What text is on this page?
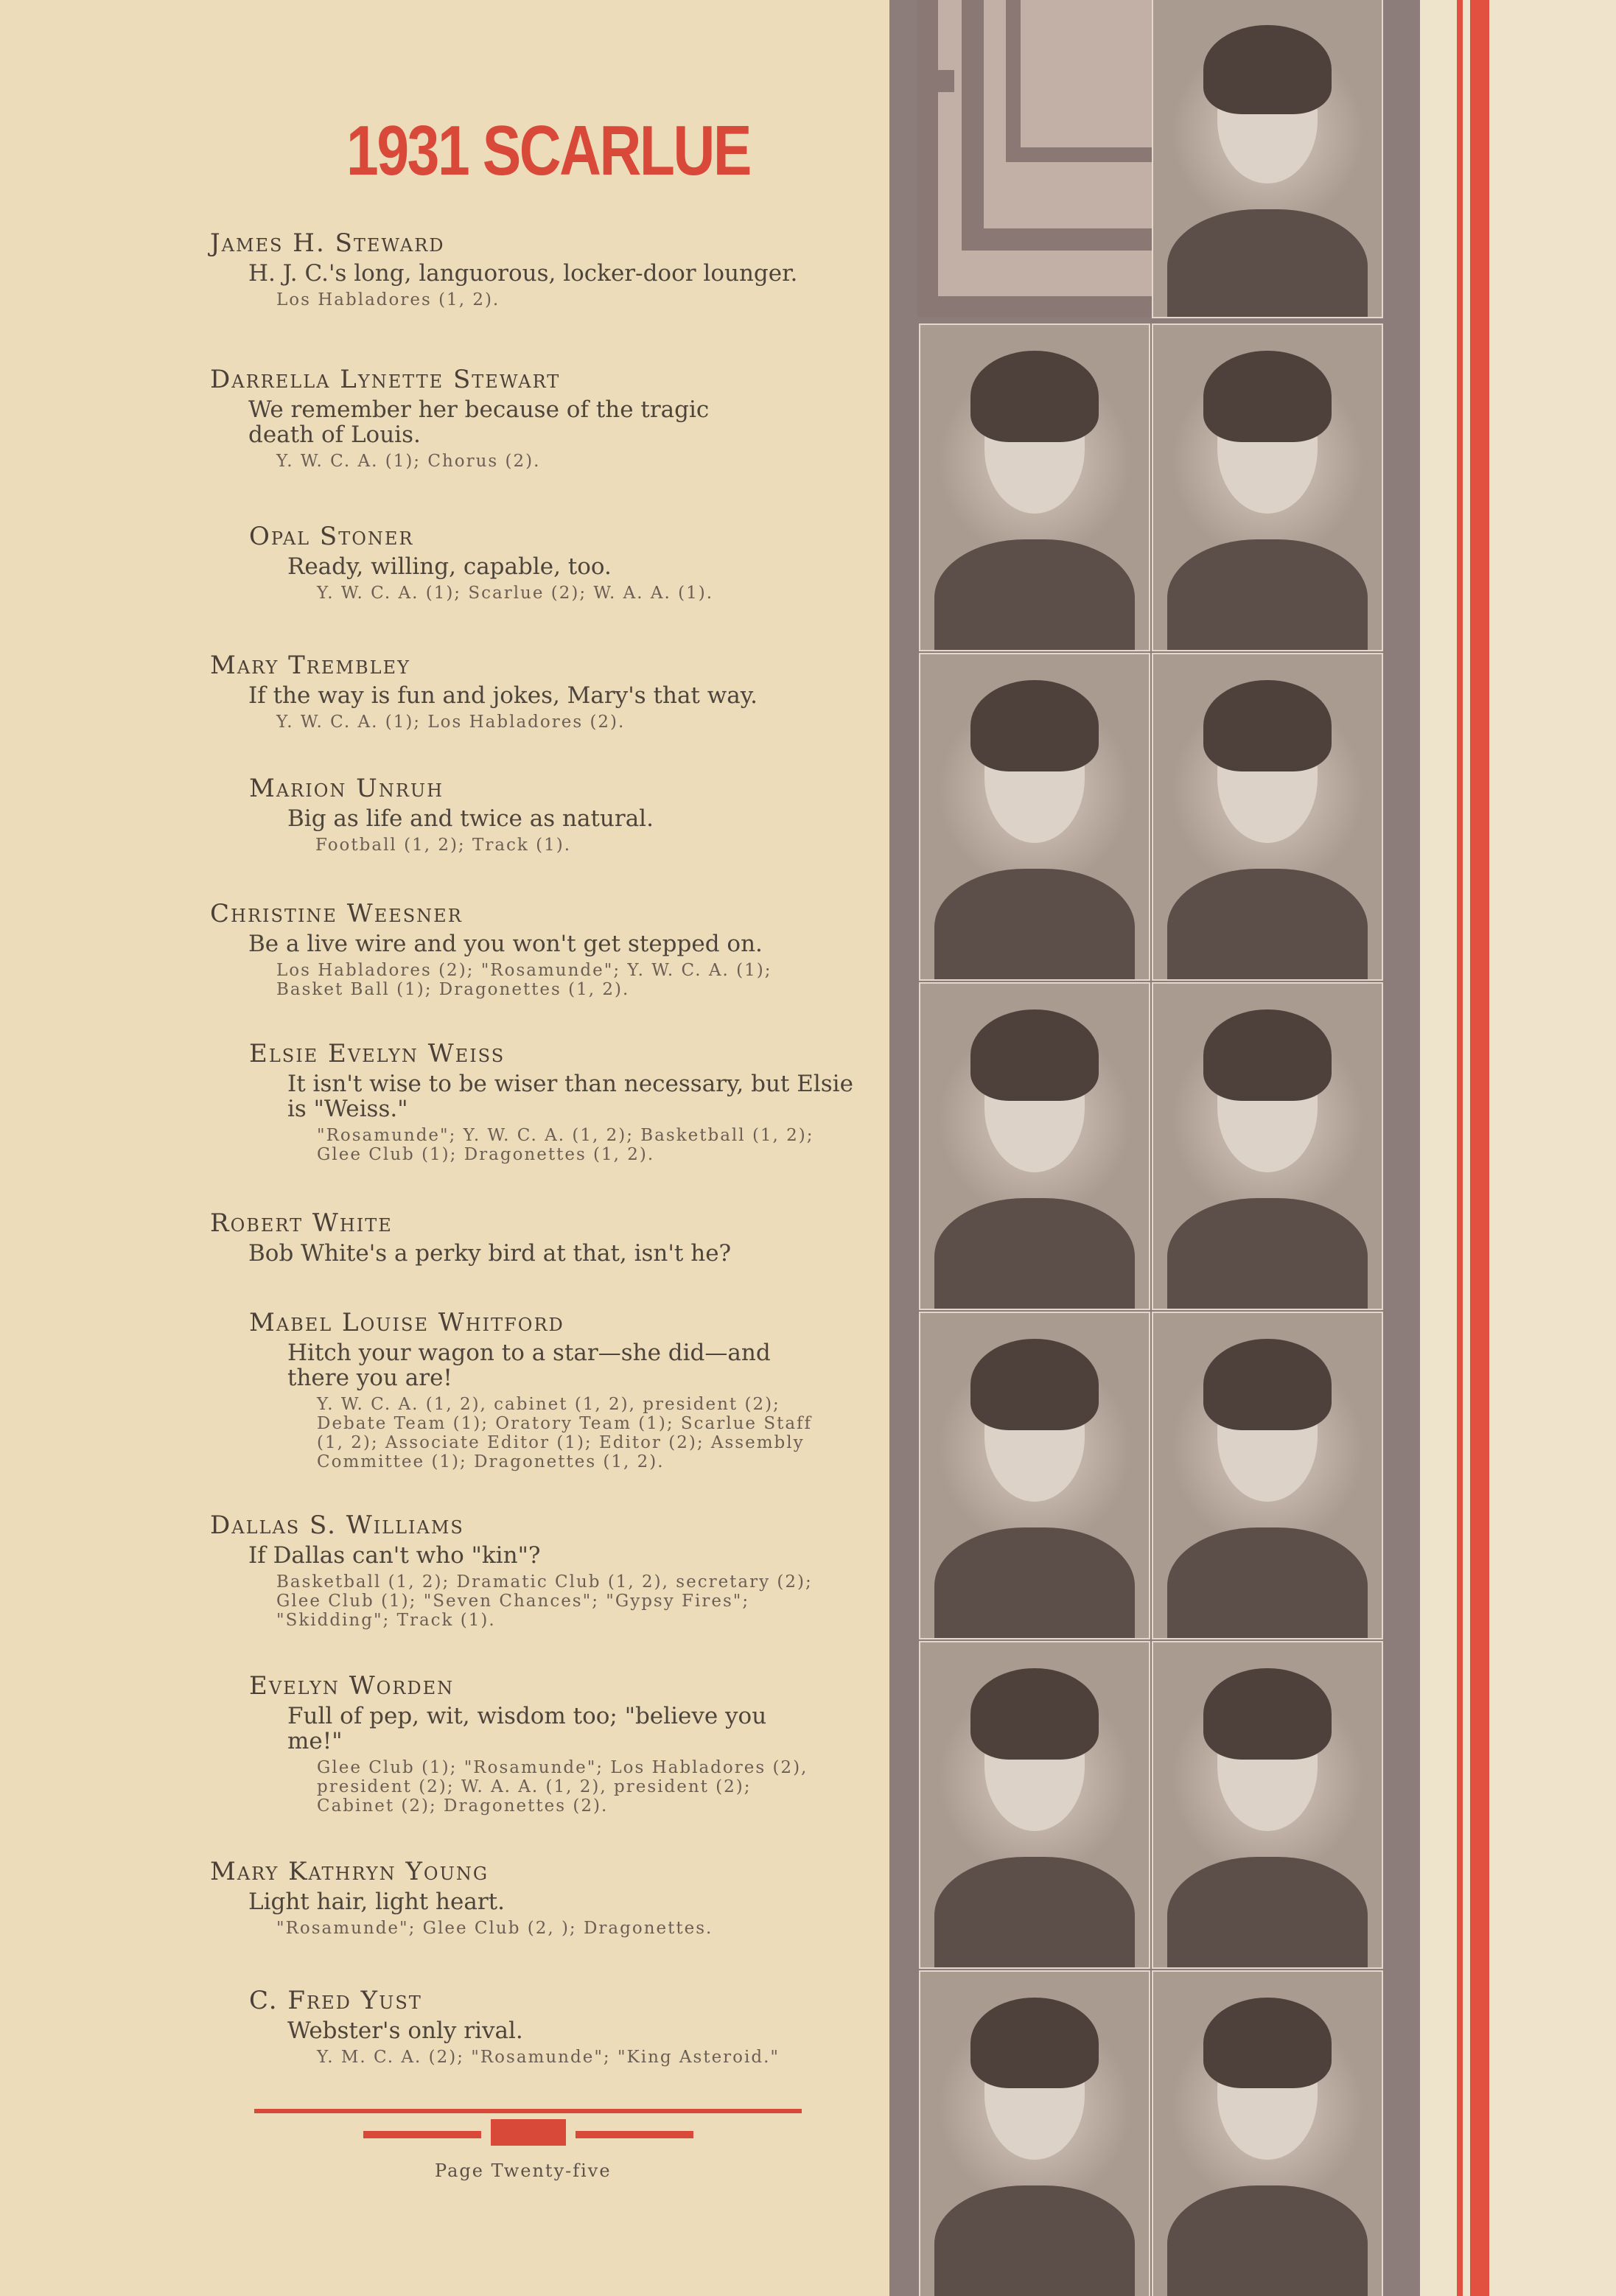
1931 SCARLUE
James H. Steward
H. J. C.'s long, languorous, locker-door lounger.
Los Habladores (1, 2).
Darrella Lynette Stewart
We remember her because of the tragic death of Louis.
Y. W. C. A. (1); Chorus (2).
Opal Stoner
Ready, willing, capable, too.
Y. W. C. A. (1); Scarlue (2); W. A. A. (1).
Mary Trembley
If the way is fun and jokes, Mary's that way.
Y. W. C. A. (1); Los Habladores (2).
Marion Unruh
Big as life and twice as natural.
Football (1, 2); Track (1).
Christine Weesner
Be a live wire and you won't get stepped on.
Los Habladores (2); "Rosamunde"; Y. W. C. A. (1); Basket Ball (1); Dragonettes (1, 2).
Elsie Evelyn Weiss
It isn't wise to be wiser than necessary, but Elsie is "Weiss."
"Rosamunde"; Y. W. C. A. (1, 2); Basketball (1, 2); Glee Club (1); Dragonettes (1, 2).
Robert White
Bob White's a perky bird at that, isn't he?
Mabel Louise Whitford
Hitch your wagon to a star—she did—and there you are!
Y. W. C. A. (1, 2), cabinet (1, 2), president (2); Debate Team (1); Oratory Team (1); Scarlue Staff (1, 2); Associate Editor (1); Editor (2); Assembly Committee (1); Dragonettes (1, 2).
Dallas S. Williams
If Dallas can't who "kin"?
Basketball (1, 2); Dramatic Club (1, 2), secretary (2); Glee Club (1); "Seven Chances"; "Gypsy Fires"; "Skidding"; Track (1).
Evelyn Worden
Full of pep, wit, wisdom too; "believe you me!"
Glee Club (1); "Rosamunde"; Los Habladores (2), president (2); W. A. A. (1, 2), president (2); Cabinet (2); Dragonettes (2).
Mary Kathryn Young
Light hair, light heart.
"Rosamunde"; Glee Club (2, ); Dragonettes.
C. Fred Yust
Webster's only rival.
Y. M. C. A. (2); "Rosamunde"; "King Asteroid."
Page Twenty-five
